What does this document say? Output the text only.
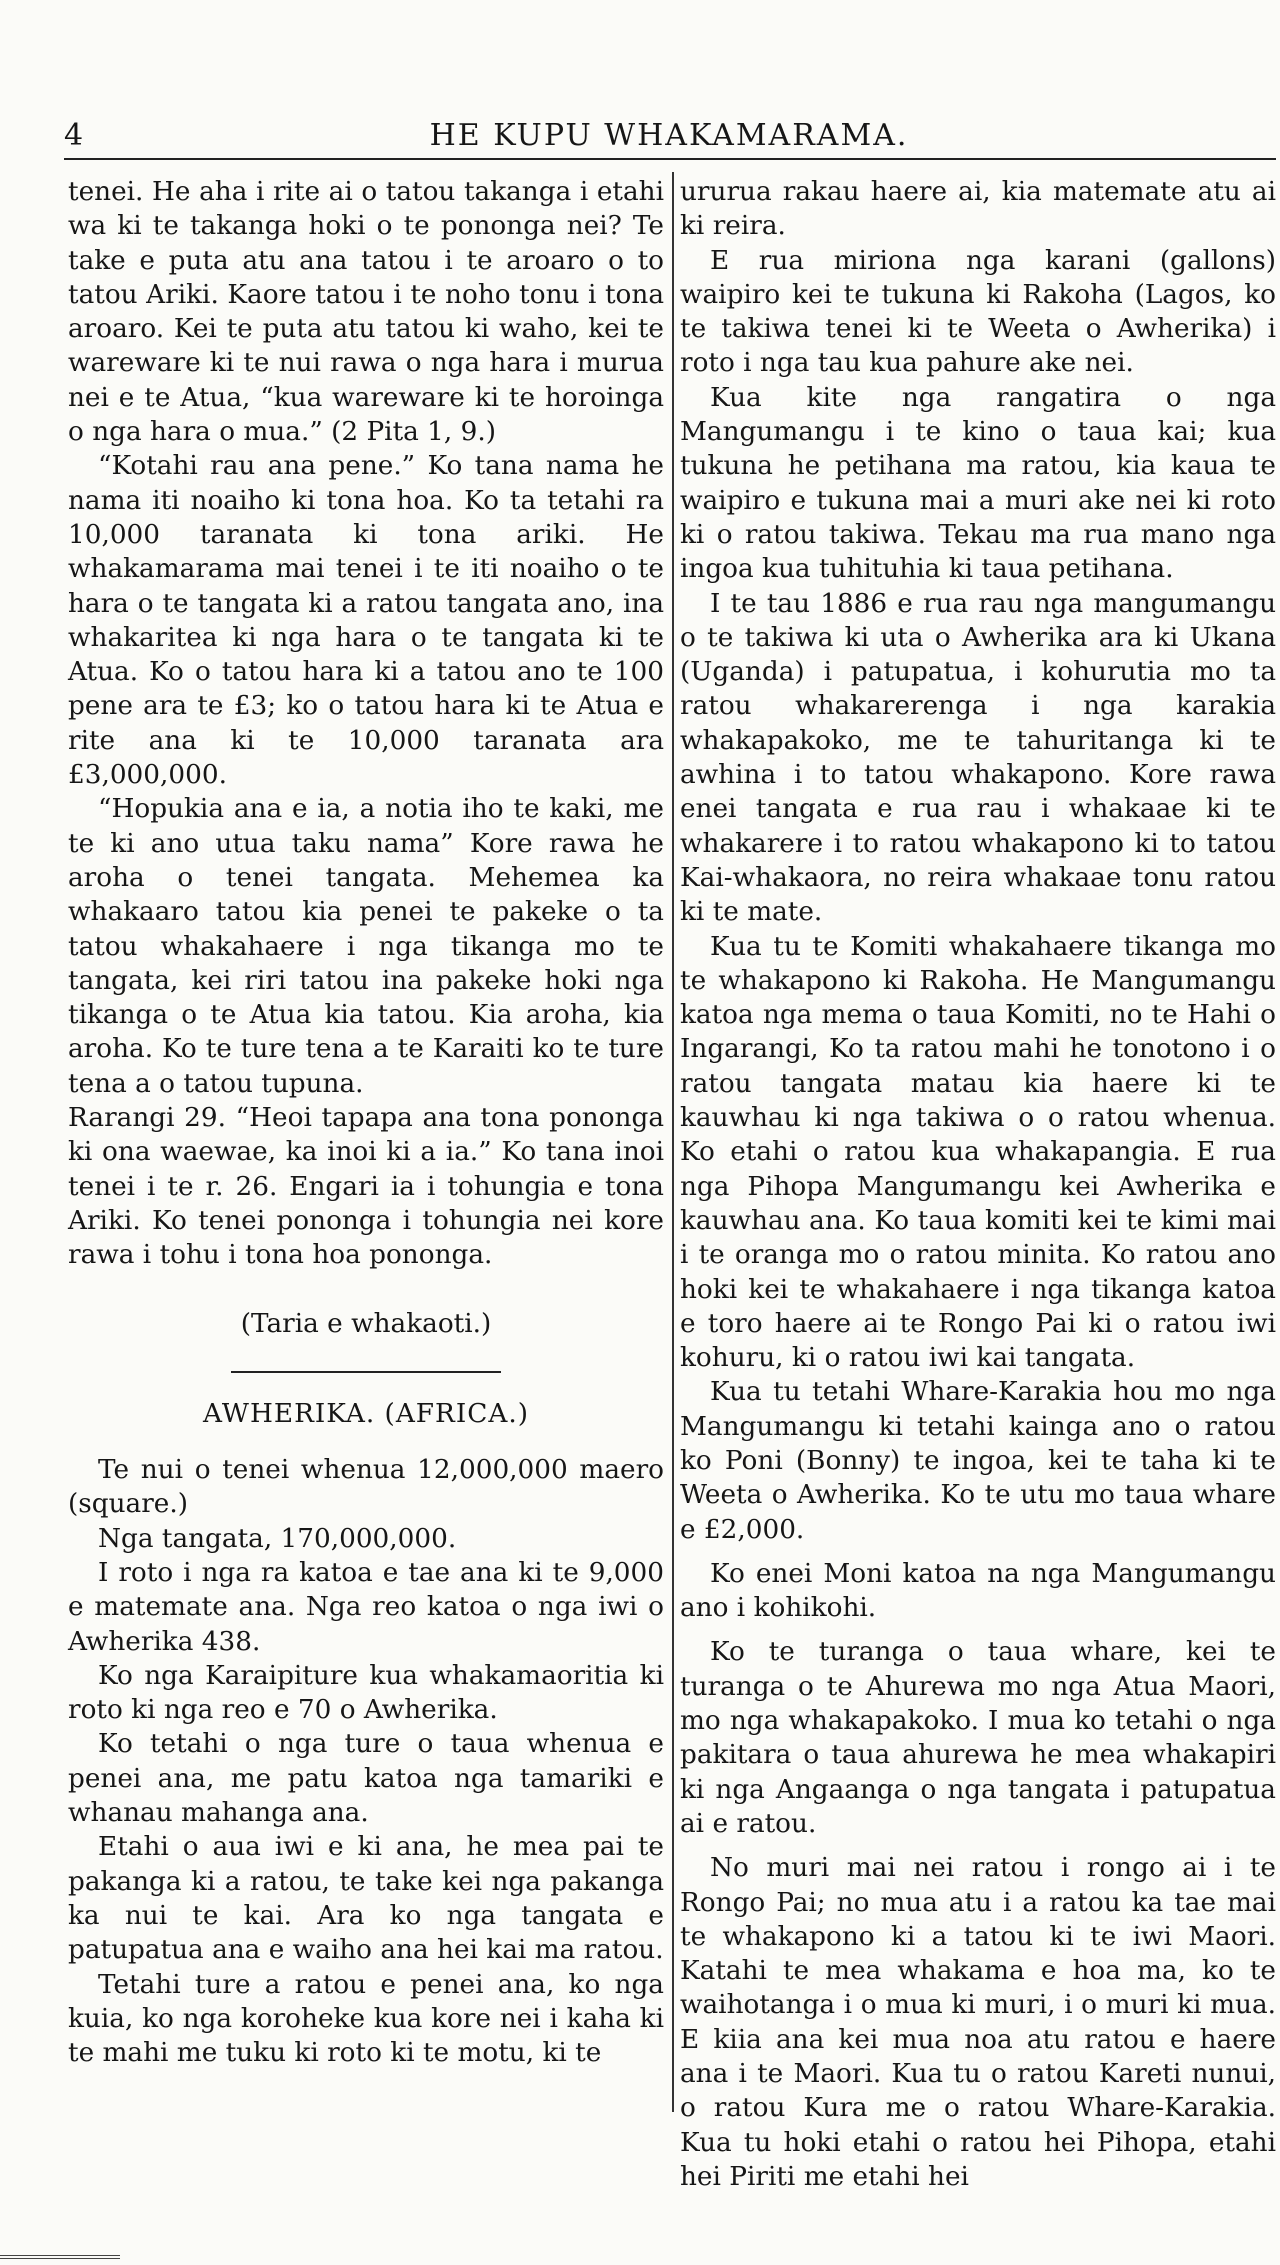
4	HE KUPU WHAKAMARAMA.

tenei. He aha i rite ai o tatou takanga i etahi wa ki te takanga hoki o te pononga nei? Te take e puta atu ana tatou i te aroaro o to tatou Ariki. Kaore tatou i te noho tonu i tona aroaro. Kei te puta atu tatou ki waho, kei te wareware ki te nui rawa o nga hara i murua nei e te Atua, “kua wareware ki te horoinga o nga hara o mua.” (2 Pita 1, 9.)

“Kotahi rau ana pene.” Ko tana nama he nama iti noaiho ki tona hoa. Ko ta tetahi ra 10,000 taranata ki tona ariki. He whakamarama mai tenei i te iti noaiho o te hara o te tangata ki a ratou tangata ano, ina whakaritea ki nga hara o te tangata ki te Atua. Ko o tatou hara ki a tatou ano te 100 pene ara te £3; ko o tatou hara ki te Atua e rite ana ki te 10,000 taranata ara £3,000,000.

“Hopukia ana e ia, a notia iho te kaki, me te ki ano utua taku nama” Kore rawa he aroha o tenei tangata. Mehemea ka whakaaro tatou kia penei te pakeke o ta tatou whakahaere i nga tikanga mo te tangata, kei riri tatou ina pakeke hoki nga tikanga o te Atua kia tatou. Kia aroha, kia aroha. Ko te ture tena a te Karaiti ko te ture tena a o tatou tupuna.

Rarangi 29. “Heoi tapapa ana tona pononga ki ona waewae, ka inoi ki a ia.” Ko tana inoi tenei i te r. 26. Engari ia i tohungia e tona Ariki. Ko tenei pononga i tohungia nei kore rawa i tohu i tona hoa pononga.

(Taria e whakaoti.)
AWHERIKA. (AFRICA.)

Te nui o tenei whenua 12,000,000 maero (square.)

Nga tangata, 170,000,000.

I roto i nga ra katoa e tae ana ki te 9,000 e matemate ana. Nga reo katoa o nga iwi o Awherika 438.

Ko nga Karaipiture kua whakamaoritia ki roto ki nga reo e 70 o Awherika.

Ko tetahi o nga ture o taua whenua e penei ana, me patu katoa nga tamariki e whanau mahanga ana.

Etahi o aua iwi e ki ana, he mea pai te pakanga ki a ratou, te take kei nga pakanga ka nui te kai. Ara ko nga tangata e patupatua ana e waiho ana hei kai ma ratou.

Tetahi ture a ratou e penei ana, ko nga kuia, ko nga koroheke kua kore nei i kaha ki te mahi me tuku ki roto ki te motu, ki te

ururua rakau haere ai, kia matemate atu ai ki reira.

E rua miriona nga karani (gallons) waipiro kei te tukuna ki Rakoha (Lagos, ko te takiwa tenei ki te Weeta o Awherika) i roto i nga tau kua pahure ake nei.

Kua kite nga rangatira o nga Mangumangu i te kino o taua kai; kua tukuna he petihana ma ratou, kia kaua te waipiro e tukuna mai a muri ake nei ki roto ki o ratou takiwa. Tekau ma rua mano nga ingoa kua tuhituhia ki taua petihana.

I te tau 1886 e rua rau nga mangumangu o te takiwa ki uta o Awherika ara ki Ukana (Uganda) i patupatua, i kohurutia mo ta ratou whakarerenga i nga karakia whakapakoko, me te tahuritanga ki te awhina i to tatou whakapono. Kore rawa enei tangata e rua rau i whakaae ki te whakarere i to ratou whakapono ki to tatou Kai-whakaora, no reira whakaae tonu ratou ki te mate.

Kua tu te Komiti whakahaere tikanga mo te whakapono ki Rakoha. He Mangumangu katoa nga mema o taua Komiti, no te Hahi o Ingarangi, Ko ta ratou mahi he tonotono i o ratou tangata matau kia haere ki te kauwhau ki nga takiwa o o ratou whenua. Ko etahi o ratou kua whakapangia. E rua nga Pihopa Mangumangu kei Awherika e kauwhau ana. Ko taua komiti kei te kimi mai i te oranga mo o ratou minita. Ko ratou ano hoki kei te whakahaere i nga tikanga katoa e toro haere ai te Rongo Pai ki o ratou iwi kohuru, ki o ratou iwi kai tangata.

Kua tu tetahi Whare-Karakia hou mo nga Mangumangu ki tetahi kainga ano o ratou ko Poni (Bonny) te ingoa, kei te taha ki te Weeta o Awherika. Ko te utu mo taua whare e £2,000.

Ko enei Moni katoa na nga Mangumangu ano i kohikohi.

Ko te turanga o taua whare, kei te turanga o te Ahurewa mo nga Atua Maori, mo nga whakapakoko. I mua ko tetahi o nga pakitara o taua ahurewa he mea whakapiri ki nga Angaanga o nga tangata i patupatua ai e ratou.

No muri mai nei ratou i rongo ai i te Rongo Pai; no mua atu i a ratou ka tae mai te whakapono ki a tatou ki te iwi Maori. Katahi te mea whakama e hoa ma, ko te waihotanga i o mua ki muri, i o muri ki mua. E kiia ana kei mua noa atu ratou e haere ana i te Maori. Kua tu o ratou Kareti nunui, o ratou Kura me o ratou Whare-Karakia. Kua tu hoki etahi o ratou hei Pihopa, etahi hei Piriti me etahi hei
